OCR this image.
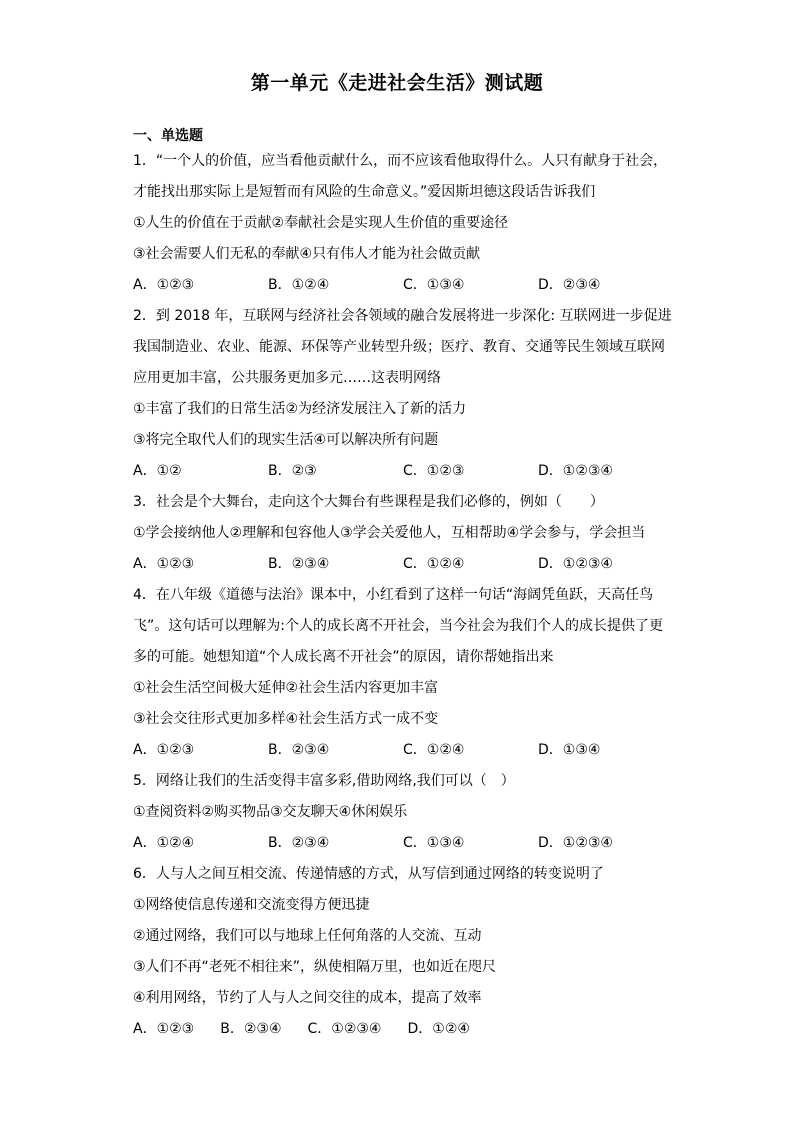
第一单元《走进社会生活》测试题
一、单选题
1．“一个人的价值，应当看他贡献什么，而不应该看他取得什么。人只有献身于社会，
才能找出那实际上是短暂而有风险的生命意义。”爱因斯坦德这段话告诉我们
①人生的价值在于贡献②奉献社会是实现人生价值的重要途径
③社会需要人们无私的奉献④只有伟人才能为社会做贡献
A．①②③	B．①②④	C．①③④	D．②③④
2．到 2018 年，互联网与经济社会各领域的融合发展将进一步深化: 互联网进一步促进
我国制造业、农业、能源、环保等产业转型升级；医疗、教育、交通等民生领域互联网
应用更加丰富，公共服务更加多元……这表明网络
①丰富了我们的日常生活②为经济发展注入了新的活力
③将完全取代人们的现实生活④可以解决所有问题
A．①②	B．②③	C．①②③	D．①②③④
3．社会是个大舞台，走向这个大舞台有些课程是我们必修的，例如（　　）
①学会接纳他人②理解和包容他人③学会关爱他人，互相帮助④学会参与，学会担当
A．①②③	B．②③④	C．①②④	D．①②③④
4．在八年级《道德与法治》课本中，小红看到了这样一句话“海阔凭鱼跃，天高任鸟
飞”。这句话可以理解为:个人的成长离不开社会，当今社会为我们个人的成长提供了更
多的可能。她想知道“个人成长离不开社会”的原因，请你帮她指出来
①社会生活空间极大延伸②社会生活内容更加丰富
③社会交往形式更加多样④社会生活方式一成不变
A．①②③	B．②③④	C．①②④	D．①③④
5．网络让我们的生活变得丰富多彩,借助网络,我们可以（　）
①查阅资料②购买物品③交友聊天④休闲娱乐
A．①②④	B．②③④	C．①③④	D．①②③④
6．人与人之间互相交流、传递情感的方式，从写信到通过网络的转变说明了
①网络使信息传递和交流变得方便迅捷
②通过网络，我们可以与地球上任何角落的人交流、互动
③人们不再“老死不相往来”，纵使相隔万里，也如近在咫尺
④利用网络，节约了人与人之间交往的成本，提高了效率
A．①②③ B．②③④ C．①②③④ D．①②④
